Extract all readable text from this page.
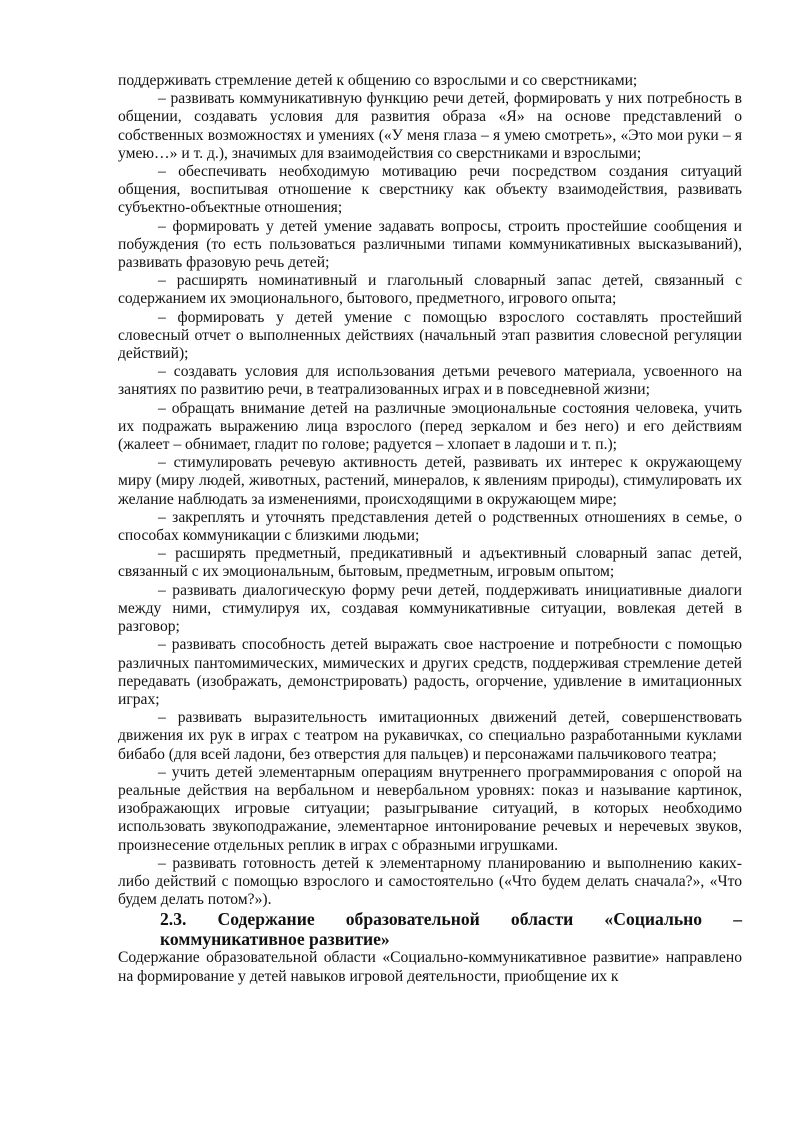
поддерживать стремление детей к общению со взрослыми и со сверстниками;

– развивать коммуникативную функцию речи детей, формировать у них потребность в общении, создавать условия для развития образа «Я» на основе представлений о собственных возможностях и умениях («У меня глаза – я умею смотреть», «Это мои руки – я умею…» и т. д.), значимых для взаимодействия со сверстниками и взрослыми;

– обеспечивать необходимую мотивацию речи посредством создания ситуаций общения, воспитывая отношение к сверстнику как объекту взаимодействия, развивать субъектно-объектные отношения;

– формировать у детей умение задавать вопросы, строить простейшие сообщения и побуждения (то есть пользоваться различными типами коммуникативных высказываний), развивать фразовую речь детей;

– расширять номинативный и глагольный словарный запас детей, связанный с содержанием их эмоционального, бытового, предметного, игрового опыта;

– формировать у детей умение с помощью взрослого составлять простейший словесный отчет о выполненных действиях (начальный этап развития словесной регуляции действий);

– создавать условия для использования детьми речевого материала, усвоенного на занятиях по развитию речи, в театрализованных играх и в повседневной жизни;

– обращать внимание детей на различные эмоциональные состояния человека, учить их подражать выражению лица взрослого (перед зеркалом и без него) и его действиям (жалеет – обнимает, гладит по голове; радуется – хлопает в ладоши и т. п.);

– стимулировать речевую активность детей, развивать их интерес к окружающему миру (миру людей, животных, растений, минералов, к явлениям природы), стимулировать их желание наблюдать за изменениями, происходящими в окружающем мире;

– закреплять и уточнять представления детей о родственных отношениях в семье, о способах коммуникации с близкими людьми;

– расширять предметный, предикативный и адъективный словарный запас детей, связанный с их эмоциональным, бытовым, предметным, игровым опытом;

– развивать диалогическую форму речи детей, поддерживать инициативные диалоги между ними, стимулируя их, создавая коммуникативные ситуации, вовлекая детей в разговор;

– развивать способность детей выражать свое настроение и потребности с помощью различных пантомимических, мимических и других средств, поддерживая стремление детей передавать (изображать, демонстрировать) радость, огорчение, удивление в имитационных играх;

– развивать выразительность имитационных движений детей, совершенствовать движения их рук в играх с театром на рукавичках, со специально разработанными куклами бибабо (для всей ладони, без отверстия для пальцев) и персонажами пальчикового театра;

– учить детей элементарным операциям внутреннего программирования с опорой на реальные действия на вербальном и невербальном уровнях: показ и называние картинок, изображающих игровые ситуации; разыгрывание ситуаций, в которых необходимо использовать звукоподражание, элементарное интонирование речевых и неречевых звуков, произнесение отдельных реплик в играх с образными игрушками.

– развивать готовность детей к элементарному планированию и выполнению каких-либо действий с помощью взрослого и самостоятельно («Что будем делать сначала?», «Что будем делать потом?»).

2.3. Содержание образовательной области «Социально – коммуникативное развитие»

Содержание образовательной области «Социально-коммуникативное развитие» направлено на формирование у детей навыков игровой деятельности, приобщение их к
